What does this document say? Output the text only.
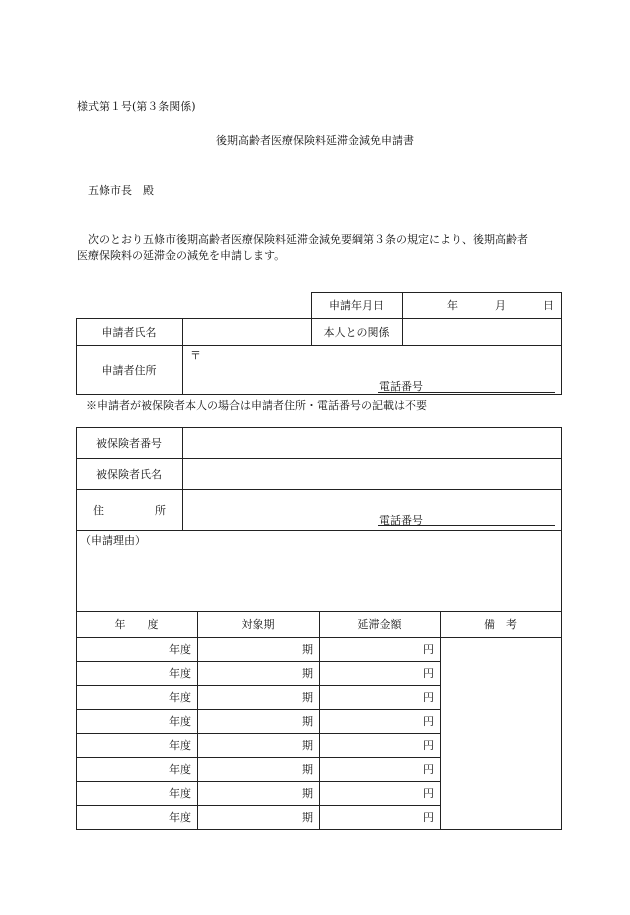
様式第１号(第３条関係)
後期高齢者医療保険料延滞金減免申請書
五條市長　殿
次のとおり五條市後期高齢者医療保険料延滞金減免要綱第３条の規定により、後期高齢者
医療保険料の延滞金の減免を申請します。
申請年月日	年	月	日
申請者氏名	本人との関係
申請者住所
〒
電話番号
※申請者が被保険者本人の場合は申請者住所・電話番号の記載は不要
被保険者番号
被保険者氏名
住	所
電話番号
（申請理由）
年　　度	対象期	延滞金額	備　考
年度	期	円
年度	期	円
年度	期	円
年度	期	円
年度	期	円
年度	期	円
年度	期	円
年度	期	円
